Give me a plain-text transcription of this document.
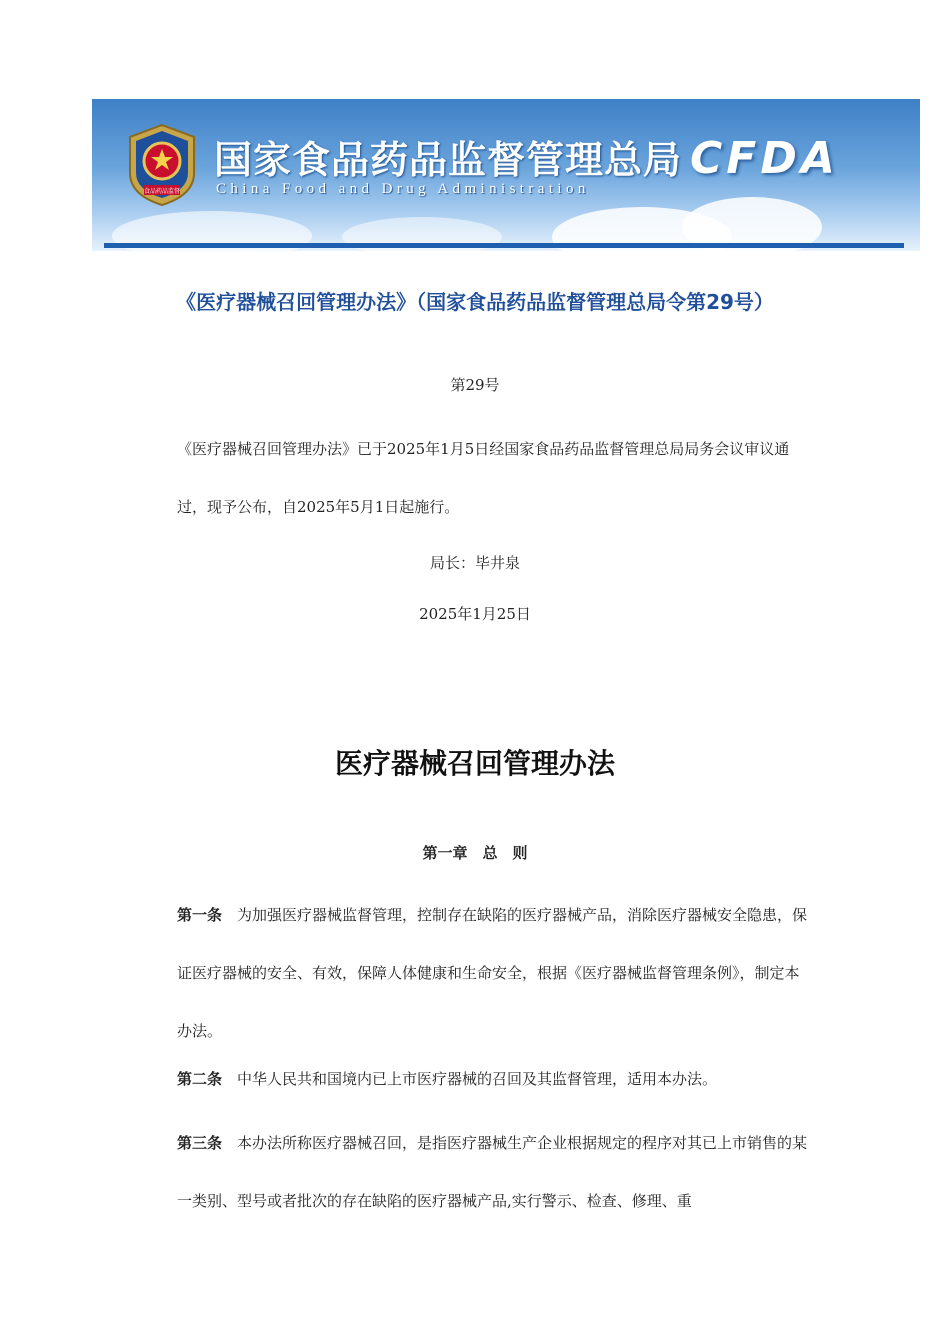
食品药品监督
国家食品药品监督管理总局
China Food and Drug Administration
CFDA
《医疗器械召回管理办法》（国家食品药品监督管理总局令第29号）
第29号
《医疗器械召回管理办法》已于2025年1月5日经国家食品药品监督管理总局局务会议审议通过，现予公布，自2025年5月1日起施行。
局长：毕井泉
2025年1月25日
医疗器械召回管理办法
第一章　总　则
第一条　 为加强医疗器械监督管理，控制存在缺陷的医疗器械产品，消除医疗器械安全隐患，保证医疗器械的安全、有效，保障人体健康和生命安全，根据《医疗器械监督管理条例》，制定本办法。
第二条　 中华人民共和国境内已上市医疗器械的召回及其监督管理，适用本办法。
第三条　 本办法所称医疗器械召回，是指医疗器械生产企业根据规定的程序对其已上市销售的某一类别、型号或者批次的存在缺陷的医疗器械产品,实行警示、检查、修理、重
